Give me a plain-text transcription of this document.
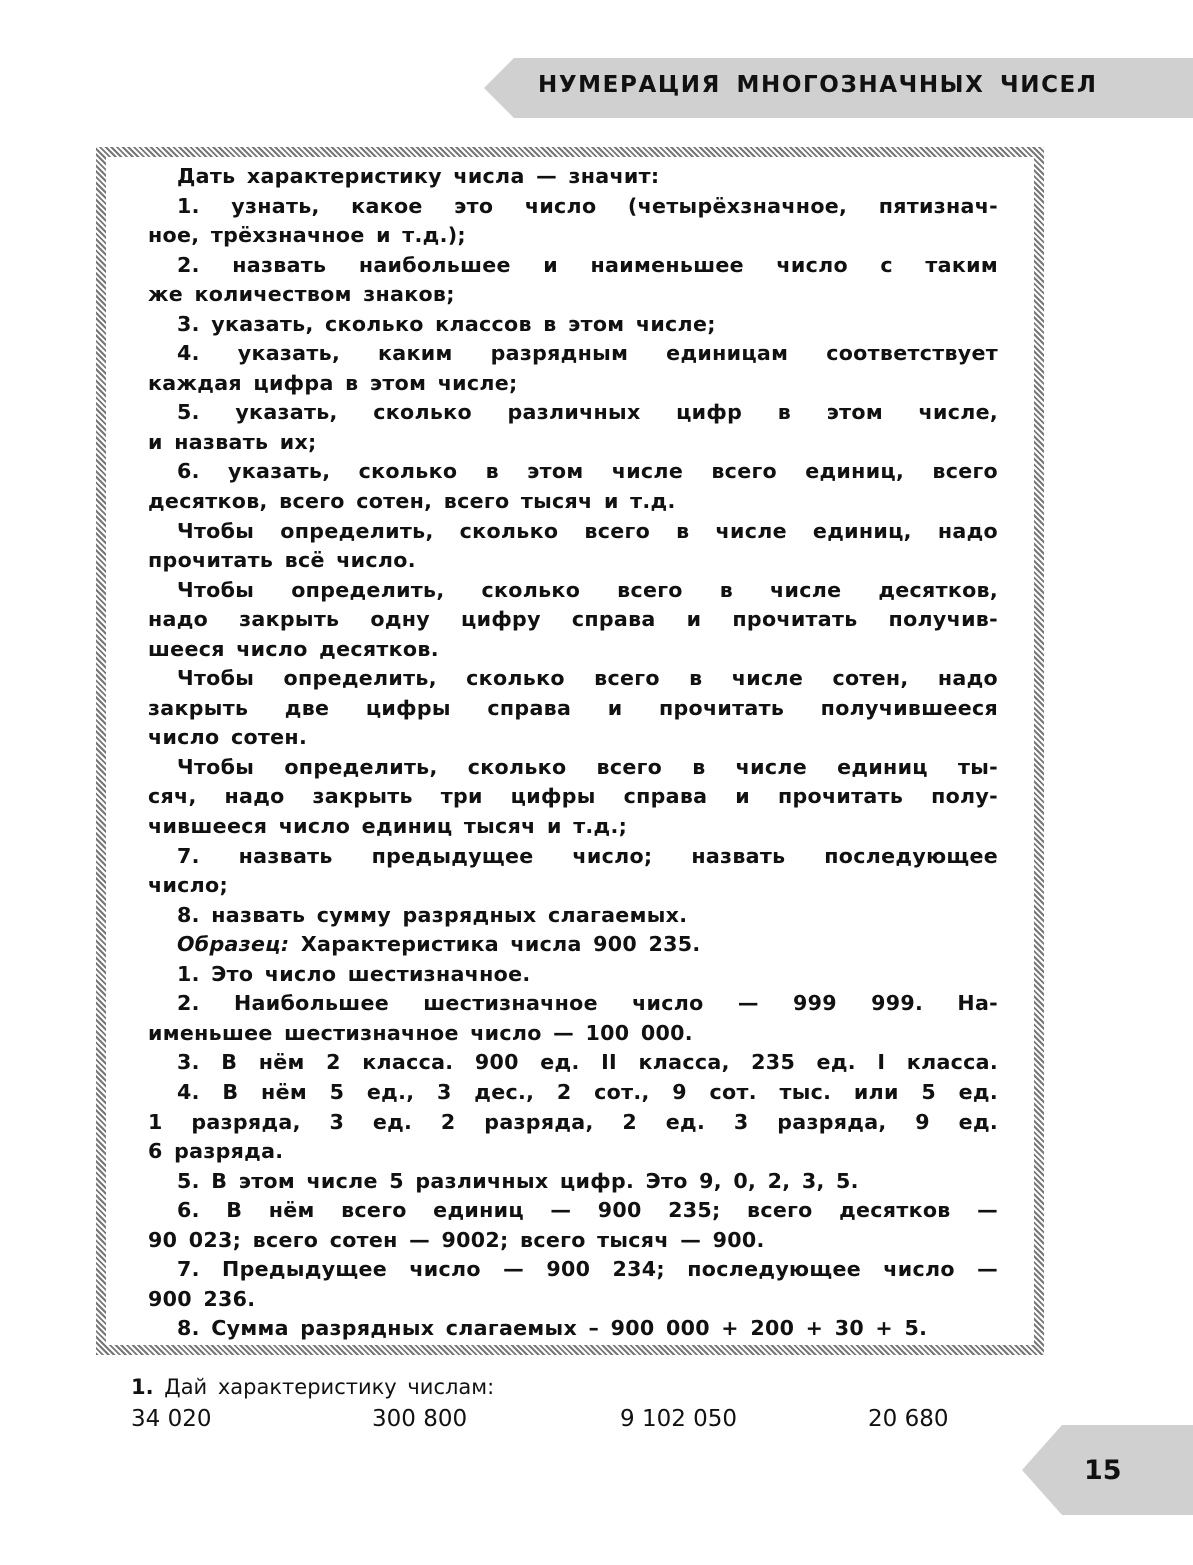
НУМЕРАЦИЯ МНОГОЗНАЧНЫХ ЧИСЕЛ
Дать характеристику числа — значит:
1. узнать, какое это число (четырёхзначное, пятизнач-
ное, трёхзначное и т.д.);
2. назвать наибольшее и наименьшее число с таким
же количеством знаков;
3. указать, сколько классов в этом числе;
4. указать, каким разрядным единицам соответствует
каждая цифра в этом числе;
5. указать, сколько различных цифр в этом числе,
и назвать их;
6. указать, сколько в этом числе всего единиц, всего
десятков, всего сотен, всего тысяч и т.д.
Чтобы определить, сколько всего в числе единиц, надо
прочитать всё число.
Чтобы определить, сколько всего в числе десятков,
надо закрыть одну цифру справа и прочитать получив-
шееся число десятков.
Чтобы определить, сколько всего в числе сотен, надо
закрыть две цифры справа и прочитать получившееся
число сотен.
Чтобы определить, сколько всего в числе единиц ты-
сяч, надо закрыть три цифры справа и прочитать полу-
чившееся число единиц тысяч и т.д.;
7. назвать предыдущее число; назвать последующее
число;
8. назвать сумму разрядных слагаемых.
Образец: Характеристика числа 900 235.
1. Это число шестизначное.
2. Наибольшее шестизначное число — 999 999. На-
именьшее шестизначное число — 100 000.
3. В нём 2 класса. 900 ед. II класса, 235 ед. I класса.
4. В нём 5 ед., 3 дес., 2 сот., 9 сот. тыс. или 5 ед.
1 разряда, 3 ед. 2 разряда, 2 ед. 3 разряда, 9 ед.
6 разряда.
5. В этом числе 5 различных цифр. Это 9, 0, 2, 3, 5.
6. В нём всего единиц — 900 235; всего десятков —
90 023; всего сотен — 9002; всего тысяч — 900.
7. Предыдущее число — 900 234; последующее число —
900 236.
8. Сумма разрядных слагаемых – 900 000 + 200 + 30 + 5.
1. Дай характеристику числам:
34 020	300 800	9 102 050	20 680
15
